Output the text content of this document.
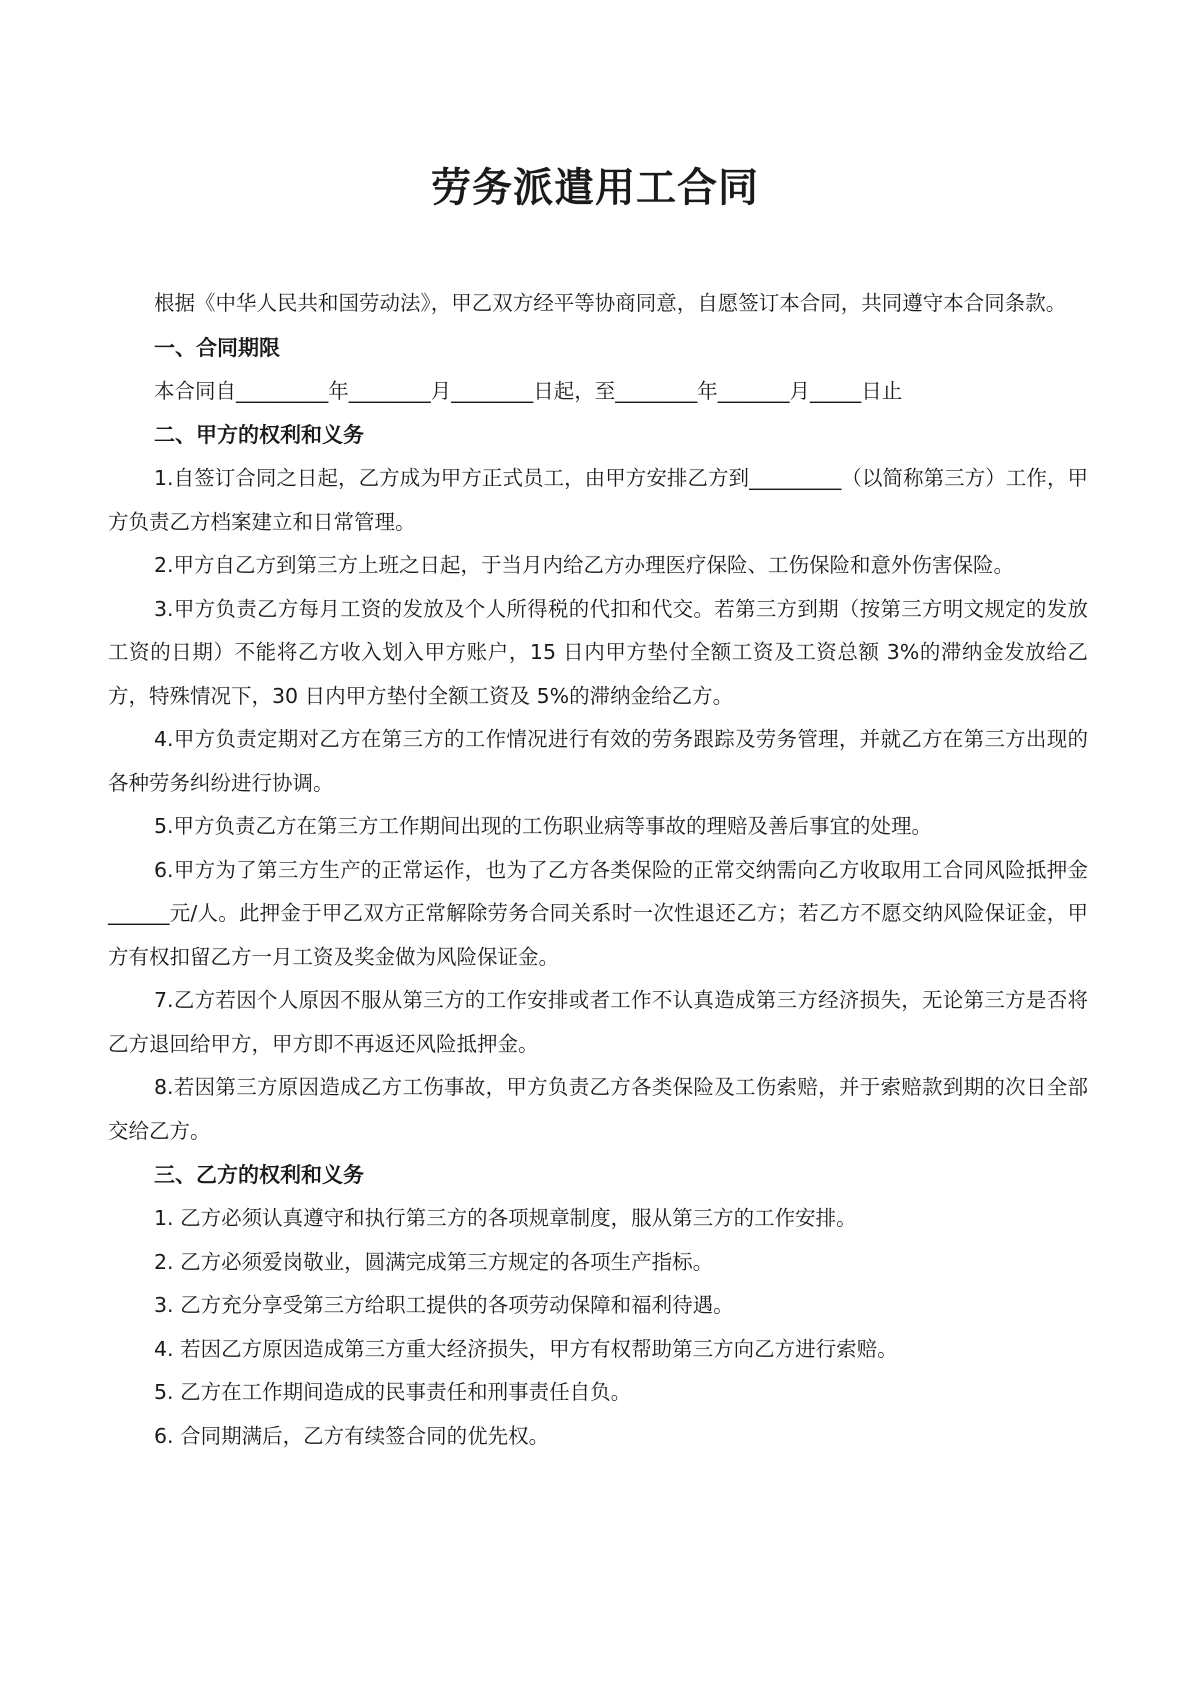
劳务派遣用工合同

根据《中华人民共和国劳动法》，甲乙双方经平等协商同意，自愿签订本合同，共同遵守本合同条款。

一、合同期限

本合同自_________年________月________日起，至________年_______月_____日止

二、甲方的权利和义务

1.自签订合同之日起，乙方成为甲方正式员工，由甲方安排乙方到_________（以简称第三方）工作，甲方负责乙方档案建立和日常管理。

2.甲方自乙方到第三方上班之日起，于当月内给乙方办理医疗保险、工伤保险和意外伤害保险。

3.甲方负责乙方每月工资的发放及个人所得税的代扣和代交。若第三方到期（按第三方明文规定的发放工资的日期）不能将乙方收入划入甲方账户，15 日内甲方垫付全额工资及工资总额 3%的滞纳金发放给乙方，特殊情况下，30 日内甲方垫付全额工资及 5%的滞纳金给乙方。

4.甲方负责定期对乙方在第三方的工作情况进行有效的劳务跟踪及劳务管理，并就乙方在第三方出现的各种劳务纠纷进行协调。

5.甲方负责乙方在第三方工作期间出现的工伤职业病等事故的理赔及善后事宜的处理。

6.甲方为了第三方生产的正常运作，也为了乙方各类保险的正常交纳需向乙方收取用工合同风险抵押金______元/人。此押金于甲乙双方正常解除劳务合同关系时一次性退还乙方；若乙方不愿交纳风险保证金，甲方有权扣留乙方一月工资及奖金做为风险保证金。

7.乙方若因个人原因不服从第三方的工作安排或者工作不认真造成第三方经济损失，无论第三方是否将乙方退回给甲方，甲方即不再返还风险抵押金。

8.若因第三方原因造成乙方工伤事故，甲方负责乙方各类保险及工伤索赔，并于索赔款到期的次日全部交给乙方。

三、乙方的权利和义务

1. 乙方必须认真遵守和执行第三方的各项规章制度，服从第三方的工作安排。

2. 乙方必须爱岗敬业，圆满完成第三方规定的各项生产指标。

3. 乙方充分享受第三方给职工提供的各项劳动保障和福利待遇。

4. 若因乙方原因造成第三方重大经济损失，甲方有权帮助第三方向乙方进行索赔。

5. 乙方在工作期间造成的民事责任和刑事责任自负。

6. 合同期满后，乙方有续签合同的优先权。
